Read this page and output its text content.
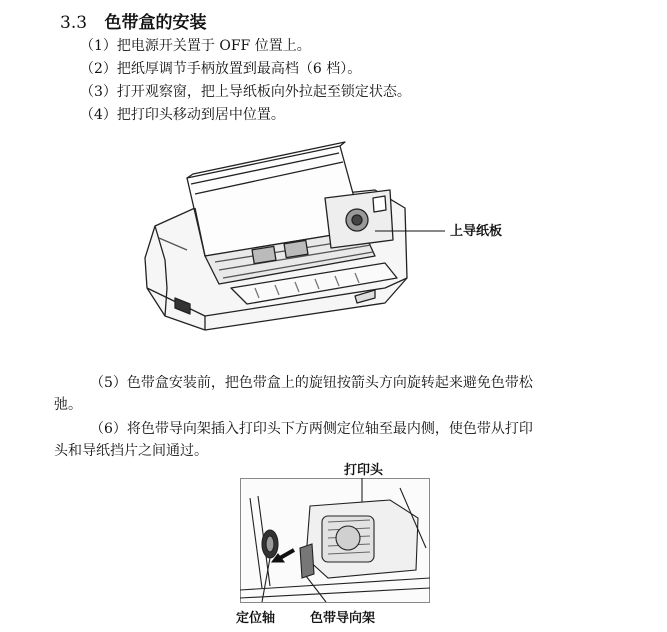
3.3 色带盒的安装
（1）把电源开关置于 OFF 位置上。
（2）把纸厚调节手柄放置到最高档（6 档）。
（3）打开观察窗，把上导纸板向外拉起至锁定状态。
（4）把打印头移动到居中位置。
上导纸板
（5）色带盒安装前，把色带盒上的旋钮按箭头方向旋转起来避免色带松
弛。
（6）将色带导向架插入打印头下方两侧定位轴至最内侧，使色带从打印
头和导纸挡片之间通过。
打印头
定位轴	色带导向架
